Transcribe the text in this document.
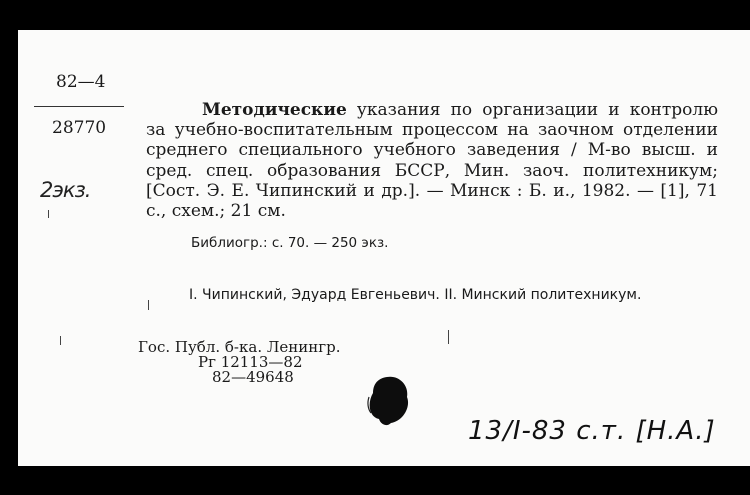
82—4
28770
2экз.

Методические указания по организации и контролю за учебно-воспитательным процессом на заочном отделении среднего специального учебного заведения / М-во высш. и сред. спец. образования БССР, Мин. заоч. политехникум; [Сост. Э. Е. Чипинский и др.]. — Минск : Б. и., 1982. — [1], 71 с., схем.; 21 см.

Библиогр.: с. 70. — 250 экз.
I. Чипинский, Эдуард Евгеньевич. II. Минский политехникум.
Гос. Публ. б-ка. Ленингр.
Рг 12113—82
82—49648
13/I-83 с.т. [Н.А.]
